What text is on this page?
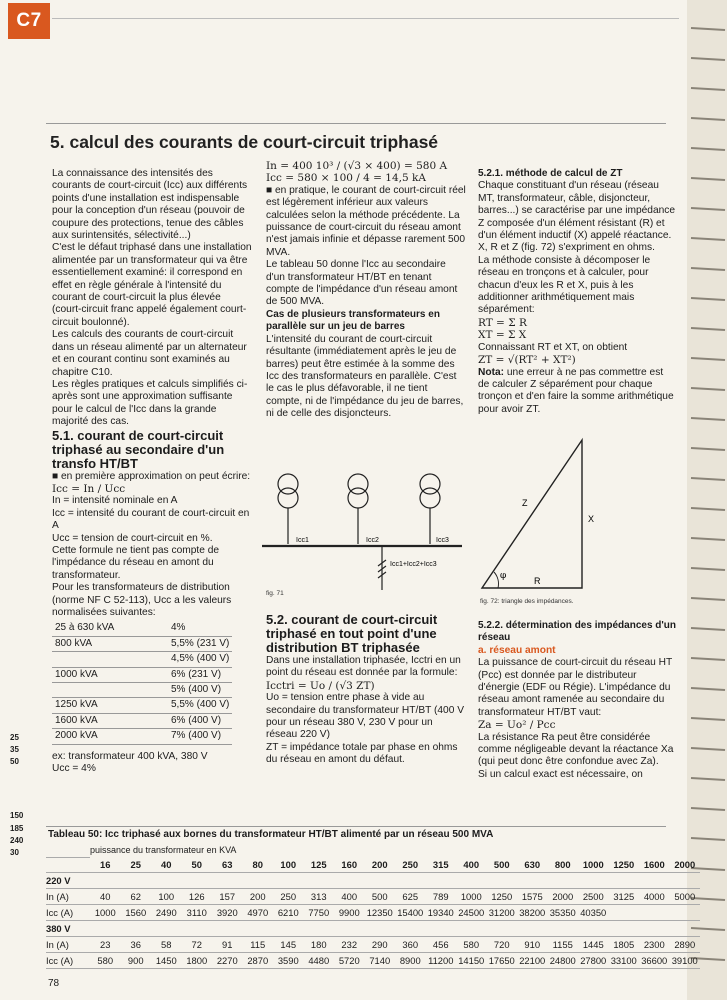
C7
25
35
50
150
185
240
30
5. calcul des courants de court-circuit triphasé

La connaissance des intensités des courants de court-circuit (Icc) aux différents points d'une installation est indispensable pour la conception d'un réseau (pouvoir de coupure des protections, tenue des câbles aux surintensités, sélectivité...)

C'est le défaut triphasé dans une installation alimentée par un transformateur qui va être essentiellement examiné: il correspond en effet en règle générale à l'intensité du courant de court-circuit la plus élevée (court-circuit franc appelé également court-circuit boulonné).

Les calculs des courants de court-circuit dans un réseau alimenté par un alternateur et en courant continu sont examinés au chapitre C10.

Les règles pratiques et calculs simplifiés ci-après sont une approximation suffisante pour le calcul de l'Icc dans la grande majorité des cas.

5.1. courant de court-circuit triphasé au secondaire d'un transfo HT/BT

■ en première approximation on peut écrire:

Icc = In / Ucc

In = intensité nominale en A

Icc = intensité du courant de court-circuit en A

Ucc = tension de court-circuit en %.

Cette formule ne tient pas compte de l'impédance du réseau en amont du transformateur.

Pour les transformateurs de distribution (norme NF C 52-113), Ucc a les valeurs normalisées suivantes:

25 à 630 kVA	4%
800 kVA	5,5% (231 V)
	4,5% (400 V)
1000 kVA	6% (231 V)
	5% (400 V)
1250 kVA	5,5% (400 V)
1600 kVA	6% (400 V)
2000 kVA	7% (400 V)

ex: transformateur 400 kVA, 380 V

Ucc = 4%

In = 400 10³ / (√3 × 400) = 580 A

Icc = 580 × 100 / 4 = 14,5 kA

■ en pratique, le courant de court-circuit réel est légèrement inférieur aux valeurs calculées selon la méthode précédente. La puissance de court-circuit du réseau amont n'est jamais infinie et dépasse rarement 500 MVA.

Le tableau 50 donne l'Icc au secondaire d'un transformateur HT/BT en tenant compte de l'impédance d'un réseau amont de 500 MVA.

Cas de plusieurs transformateurs en parallèle sur un jeu de barres

L'intensité du courant de court-circuit résultante (immédiatement après le jeu de barres) peut être estimée à la somme des Icc des transformateurs en parallèle. C'est le cas le plus défavorable, il ne tient compte, ni de l'impédance du jeu de barres, ni de celle des disjoncteurs.

Icc1	Icc2	Icc3
Icc1+Icc2+Icc3
fig. 71

5.2. courant de court-circuit triphasé en tout point d'une distribution BT triphasée

Dans une installation triphasée, Icctri en un point du réseau est donnée par la formule:

Icctri = Uo / (√3 ZT)

Uo = tension entre phase à vide au secondaire du transformateur HT/BT (400 V pour un réseau 380 V, 230 V pour un réseau 220 V)

ZT = impédance totale par phase en ohms du réseau en amont du défaut.

5.2.1. méthode de calcul de ZT

Chaque constituant d'un réseau (réseau MT, transformateur, câble, disjoncteur, barres...) se caractérise par une impédance Z composée d'un élément résistant (R) et d'un élément inductif (X) appelé réactance. X, R et Z (fig. 72) s'expriment en ohms.

La méthode consiste à décomposer le réseau en tronçons et à calculer, pour chacun d'eux les R et X, puis à les additionner arithmétiquement mais séparément:

RT = Σ R

XT = Σ X

Connaissant RT et XT, on obtient

ZT = √(RT² + XT²)

Nota: une erreur à ne pas commettre est de calculer Z séparément pour chaque tronçon et d'en faire la somme arithmétique pour avoir ZT.

Z
X
R
φ
fig. 72: triangle des impédances.

5.2.2. détermination des impédances d'un réseau

a. réseau amont

La puissance de court-circuit du réseau HT (Pcc) est donnée par le distributeur d'énergie (EDF ou Régie). L'impédance du réseau amont ramenée au secondaire du transformateur HT/BT vaut:

Za = Uo² / Pcc

La résistance Ra peut être considérée comme négligeable devant la réactance Xa (qui peut donc être confondue avec Za).

Si un calcul exact est nécessaire, on

Tableau 50: Icc triphasé aux bornes du transformateur HT/BT alimenté par un réseau 500 MVA
	puissance du transformateur en KVA																			
	16	25	40	50	63	80	100	125	160	200	250	315	400	500	630	800	1000	1250	1600	2000
220 V																				
In (A)	40	62	100	126	157	200	250	313	400	500	625	789	1000	1250	1575	2000	2500	3125	4000	5000
Icc (A)	1000	1560	2490	3110	3920	4970	6210	7750	9900	12350	15400	19340	24500	31200	38200	35350	40350			
380 V																				
In (A)	23	36	58	72	91	115	145	180	232	290	360	456	580	720	910	1155	1445	1805	2300	2890
Icc (A)	580	900	1450	1800	2270	2870	3590	4480	5720	7140	8900	11200	14150	17650	22100	24800	27800	33100	36600	39100
78
